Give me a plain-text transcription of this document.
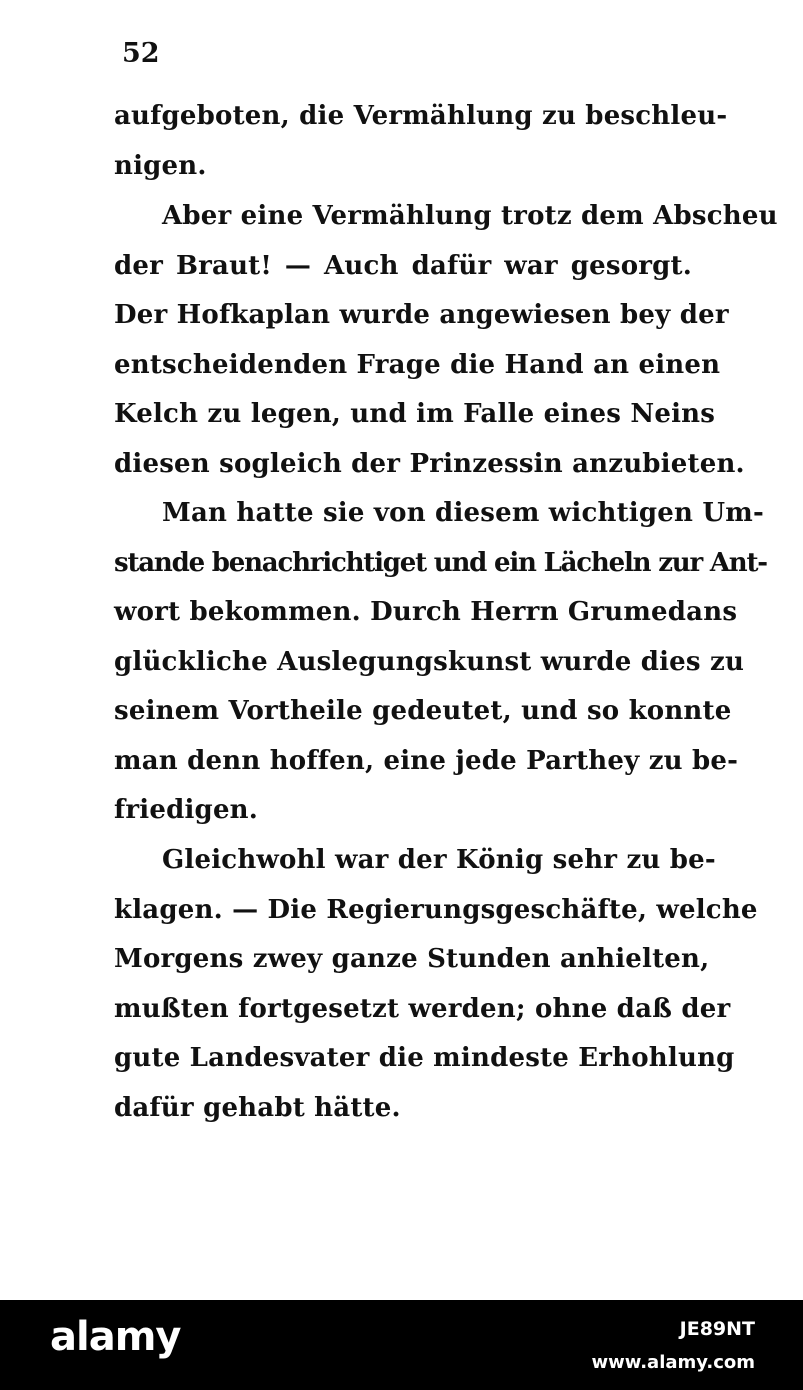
52
aufgeboten, die Vermählung zu beschleu-
nigen.
Aber eine Vermählung trotz dem Abscheu
der Braut! — Auch dafür war gesorgt.
Der Hofkaplan wurde angewiesen bey der
entscheidenden Frage die Hand an einen
Kelch zu legen, und im Falle eines Neins
diesen sogleich der Prinzessin anzubieten.
Man hatte sie von diesem wichtigen Um-
stande benachrichtiget und ein Lächeln zur Ant-
wort bekommen. Durch Herrn Grumedans
glückliche Auslegungskunst wurde dies zu
seinem Vortheile gedeutet, und so konnte
man denn hoffen, eine jede Parthey zu be-
friedigen.
Gleichwohl war der König sehr zu be-
klagen. — Die Regierungsgeschäfte, welche
Morgens zwey ganze Stunden anhielten,
mußten fortgesetzt werden; ohne daß der
gute Landesvater die mindeste Erhohlung
dafür gehabt hätte.
alamy	JE89NT
www.alamy.com
